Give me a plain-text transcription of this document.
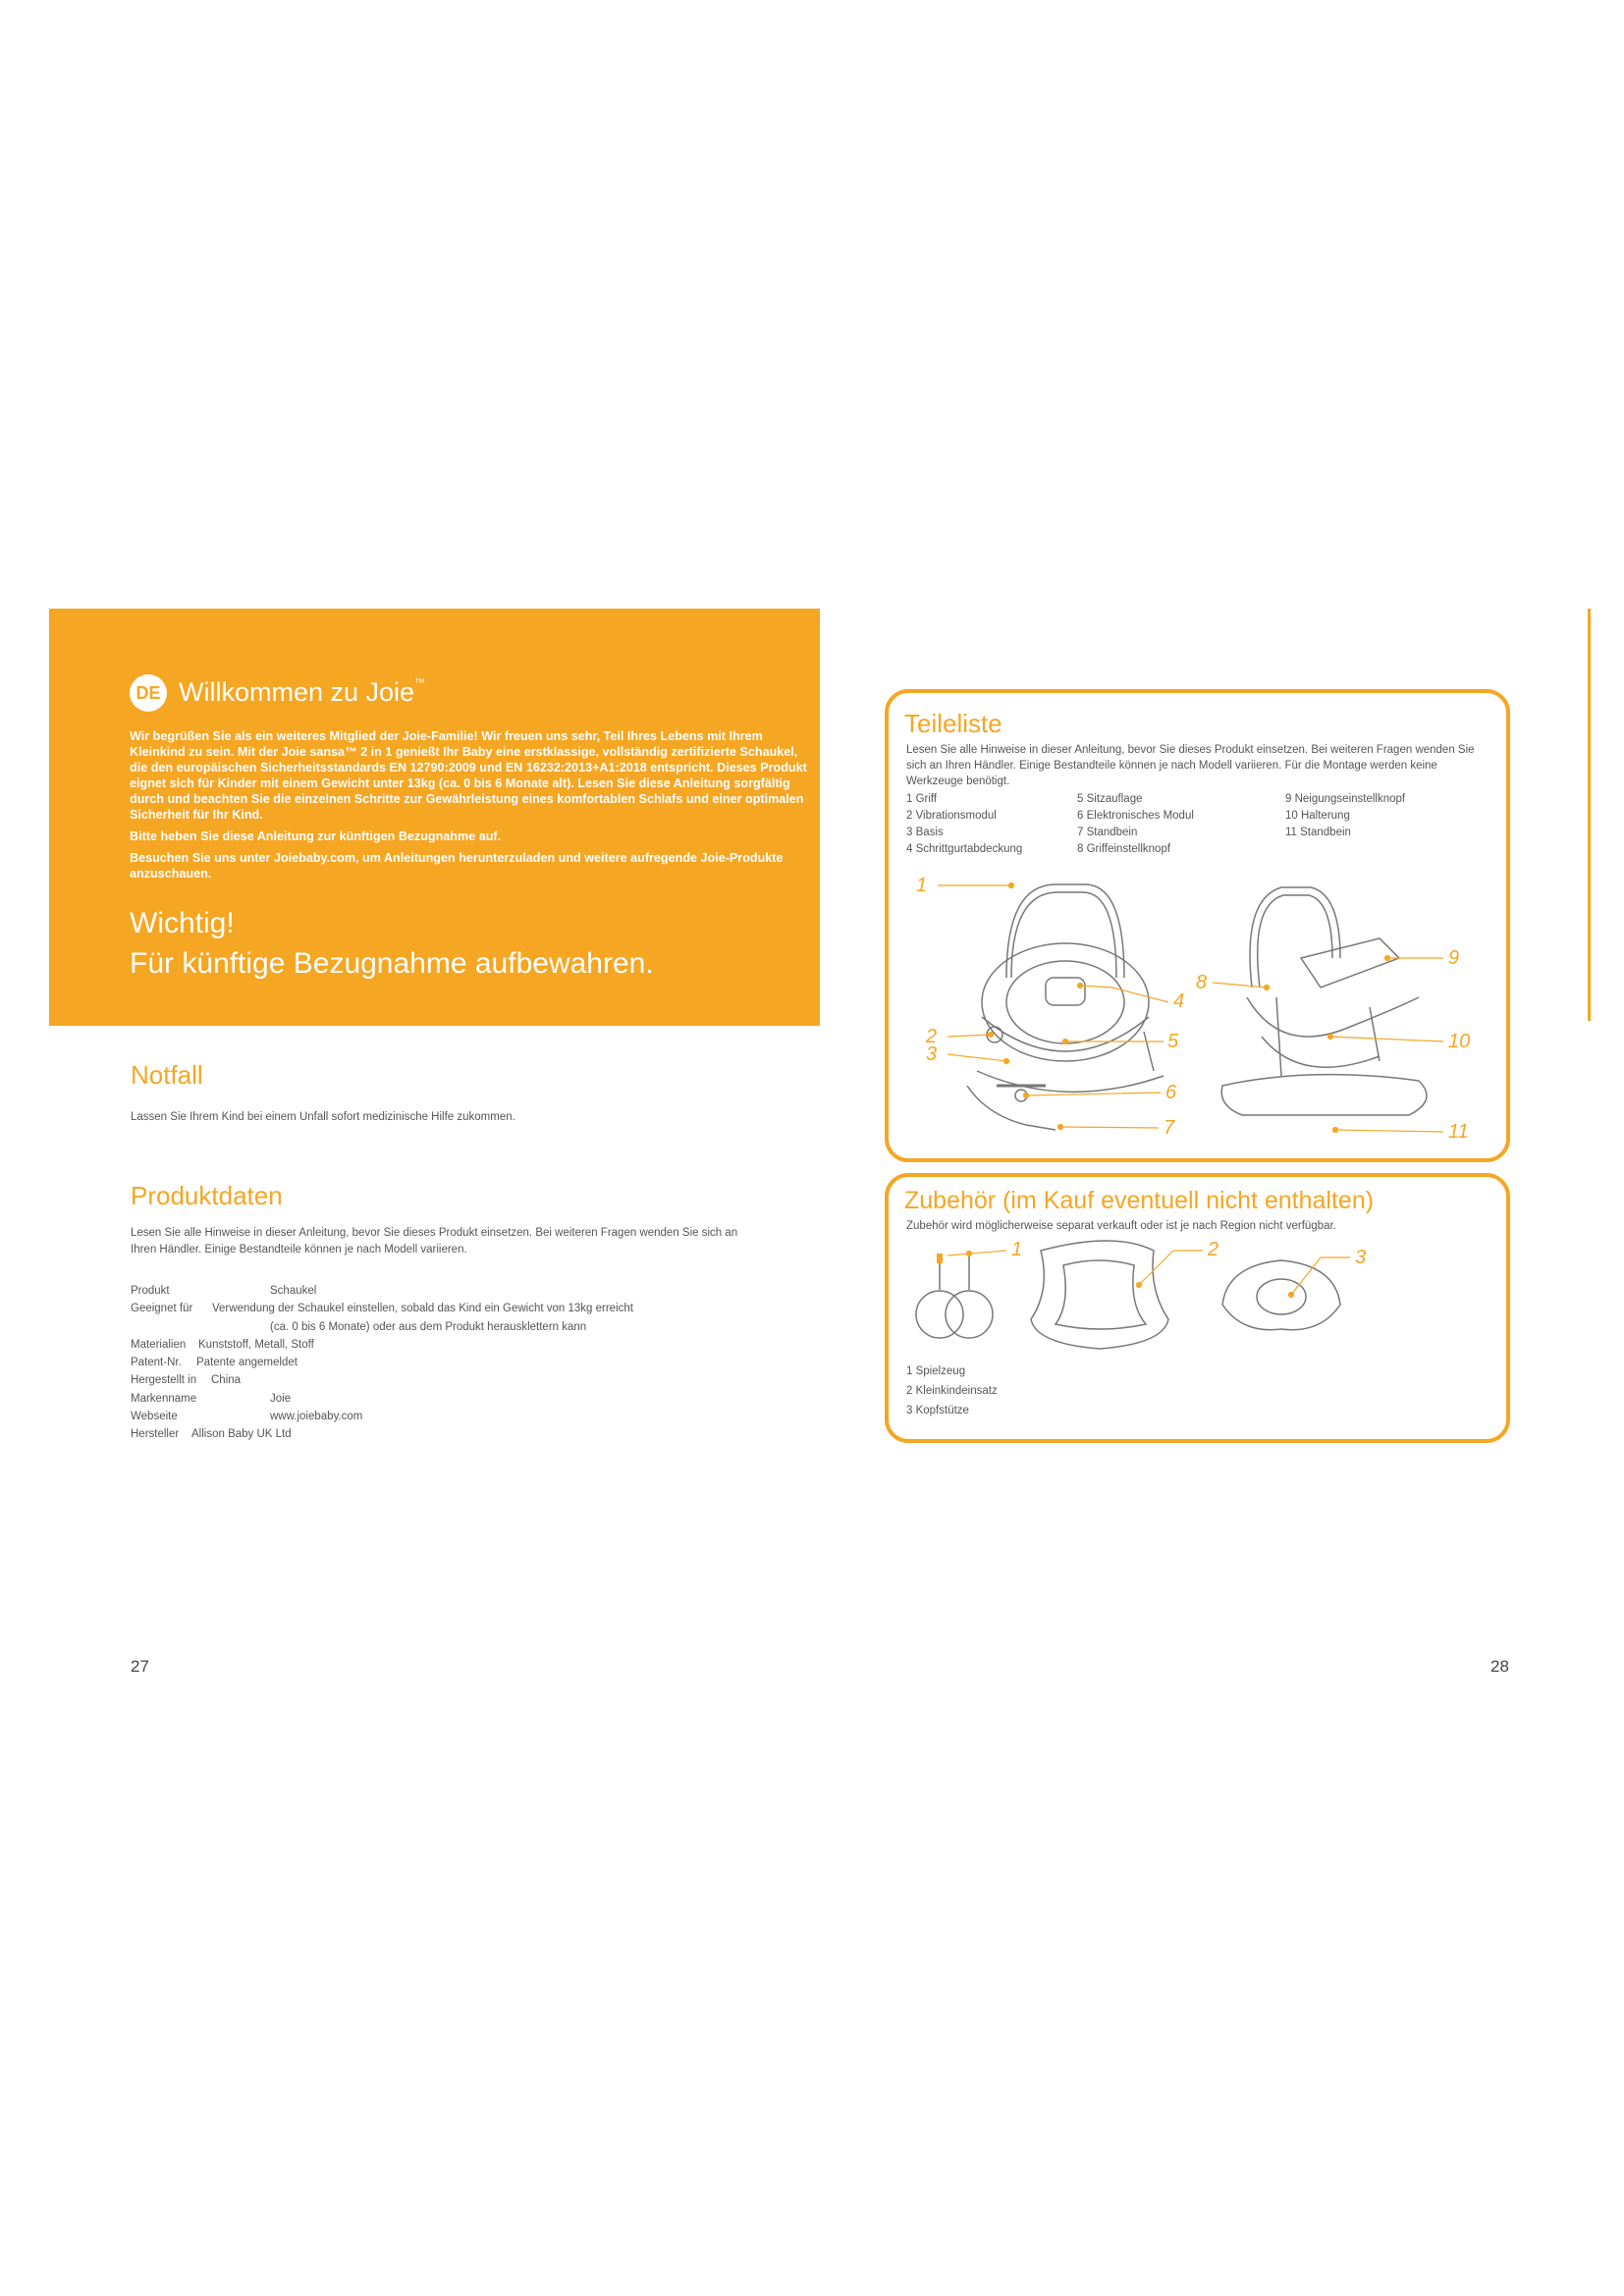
DE Willkommen zu Joie™

Wir begrüßen Sie als ein weiteres Mitglied der Joie-Familie! Wir freuen uns sehr, Teil Ihres Lebens mit Ihrem Kleinkind zu sein. Mit der Joie sansa™ 2 in 1 genießt Ihr Baby eine erstklassige, vollständig zertifizierte Schaukel, die den europäischen Sicherheitsstandards EN 12790:2009 und EN 16232:2013+A1:2018 entspricht. Dieses Produkt eignet sich für Kinder mit einem Gewicht unter 13kg (ca. 0 bis 6 Monate alt). Lesen Sie diese Anleitung sorgfältig durch und beachten Sie die einzelnen Schritte zur Gewährleistung eines komfortablen Schlafs und einer optimalen Sicherheit für Ihr Kind.

Bitte heben Sie diese Anleitung zur künftigen Bezugnahme auf.

Besuchen Sie uns unter Joiebaby.com, um Anleitungen herunterzuladen und weitere aufregende Joie-Produkte anzuschauen.

Wichtig!
Für künftige Bezugnahme aufbewahren.
Notfall
Lassen Sie Ihrem Kind bei einem Unfall sofort medizinische Hilfe zukommen.
Produktdaten
Lesen Sie alle Hinweise in dieser Anleitung, bevor Sie dieses Produkt einsetzen. Bei weiteren Fragen wenden Sie sich an Ihren Händler. Einige Bestandteile können je nach Modell variieren.
Produkt	Schaukel
Geeignet für Verwendung der Schaukel einstellen, sobald das Kind ein Gewicht von 13kg erreicht
(ca. 0 bis 6 Monate) oder aus dem Produkt herausklettern kann
Materialien Kunststoff, Metall, Stoff
Patent-Nr. Patente angemeldet
Hergestellt in China
Markenname	Joie
Webseite	www.joiebaby.com
Hersteller Allison Baby UK Ltd
Teileliste
Lesen Sie alle Hinweise in dieser Anleitung, bevor Sie dieses Produkt einsetzen. Bei weiteren Fragen wenden Sie sich an Ihren Händler. Einige Bestandteile können je nach Modell variieren. Für die Montage werden keine Werkzeuge benötigt.
1 Griff
2 Vibrationsmodul
3 Basis
4 Schrittgurtabdeckung
5 Sitzauflage
6 Elektronisches Modul
7 Standbein
8 Griffeinstellknopf
9 Neigungseinstellknopf
10 Halterung
11 Standbein
1
2
3
4
5
6
7
8
9
10
11
Zubehör (im Kauf eventuell nicht enthalten)
Zubehör wird möglicherweise separat verkauft oder ist je nach Region nicht verfügbar.
1	2	3
1 Spielzeug
2 Kleinkindeinsatz
3 Kopfstütze
27	28
